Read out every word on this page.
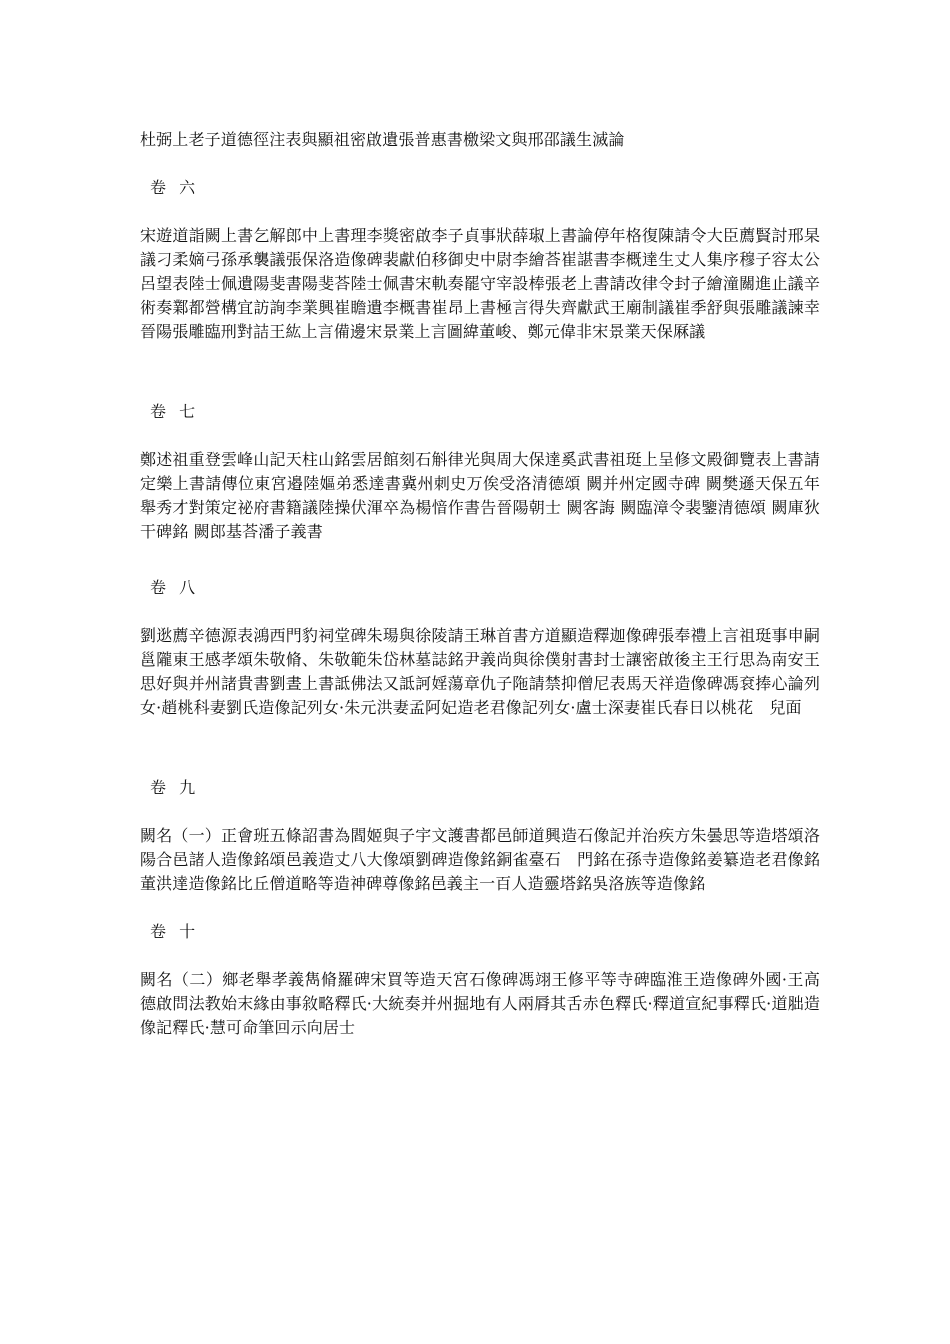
杜弼上老子道德徑注表與顯祖密啟遺張普惠書檄梁文與邢邵議生滅論

卷 六

宋遊道詣闕上書乞解郎中上書理李獎密啟李子貞事狀薛琡上書論停年格復陳請令大臣薦賢討邢杲議刁柔嫡弓孫承襲議張保洛造像碑裴獻伯移御史中尉李繪荅崔諶書李概達生丈人集序穆子容太公呂望表陸士佩遺陽斐書陽斐荅陸士佩書宋軌奏罷守宰設棒張老上書請改律令封子繪潼關進止議辛術奏鄴都營構宜訪詢李業興崔瞻遺李概書崔昂上書極言得失齊獻武王廟制議崔季舒與張雕議諫幸晉陽張雕臨刑對詰王紘上言備邊宋景業上言圖緯董峻、鄭元偉非宋景業天保厤議

卷 七

鄭述祖重登雲峰山記天柱山銘雲居館刻石斛律光與周大保達奚武書祖珽上呈修文殿御覽表上書請定樂上書請傳位東宮邉陸嫗弟悉達書冀州刺史万俟受洛清德頌 闕并州定國寺碑 闕樊遜天保五年舉秀才對策定祕府書籍議陸操伏渾卒為楊愔作書告晉陽朝士 闕客誨 闕臨漳令裴鑒清德頌 闕庫狄干碑銘 闕郎基荅潘子義書

卷 八

劉逖薦辛德源表鴻西門豹祠堂碑朱瑒與徐陵請王琳首書方道顯造釋迦像碑張奉禮上言祖珽事申嗣邕隴東王感孝頌朱敬脩、朱敬範朱岱林墓誌銘尹義尚與徐僕射書封士讓密啟後主王行思為南安王思好與并州諸貴書劉晝上書詆佛法又詆訶婬蕩章仇子陁請禁抑僧尼表馬天祥造像碑馮袞捧心論列女·趙桃科妻劉氏造像記列女·朱元洪妻孟阿妃造老君像記列女·盧士深妻崔氏春日以桃花　兒面

卷 九

闕名（一）正會班五條詔書為閻姬與子宇文護書都邑師道興造石像記并治疾方朱曇思等造塔頌洛陽合邑諸人造像銘頌邑義造丈八大像頌劉碑造像銘銅雀臺石　門銘在孫寺造像銘姜纂造老君像銘董洪達造像銘比丘僧道略等造神碑尊像銘邑義主一百人造靈塔銘吳洛族等造像銘

卷 十

闕名（二）鄉老舉孝義雋脩羅碑宋買等造天宮石像碑馮翊王修平等寺碑臨淮王造像碑外國·王高德啟問法教始末緣由事敘略釋氏·大統奏并州掘地有人兩脣其舌赤色釋氏·釋道宣紀事釋氏·道胐造像記釋氏·慧可命筆回示向居士
